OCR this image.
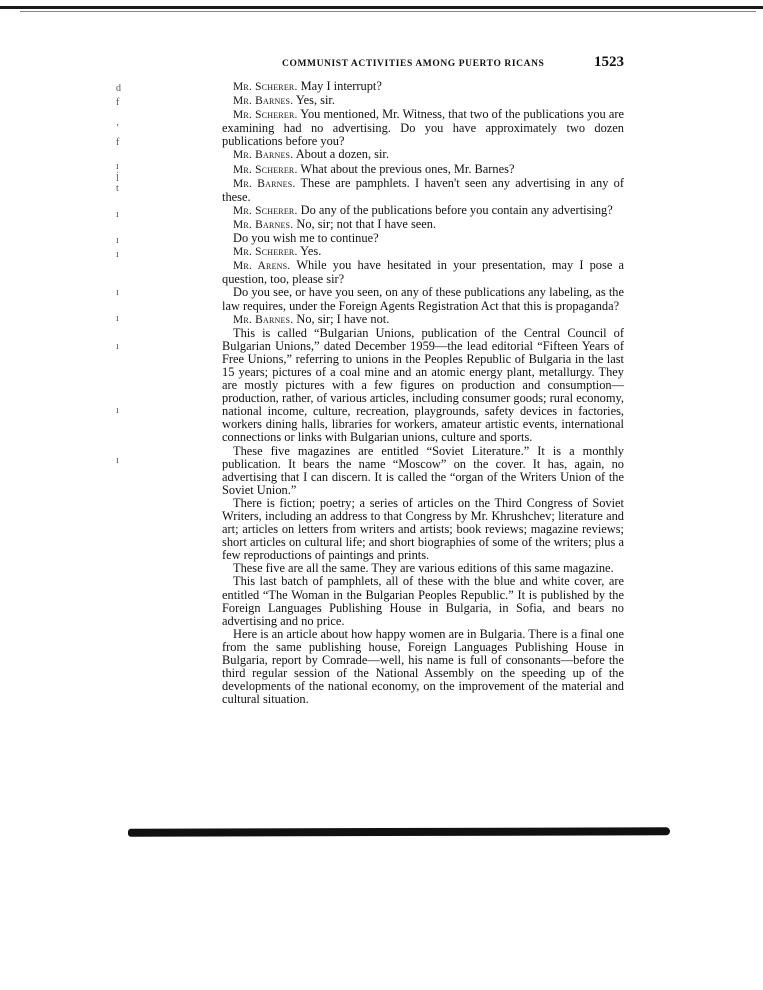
COMMUNIST ACTIVITIES AMONG PUERTO RICANS	1523
d
f
ʽ
f
ı
ĺ
t
ı
ı
ı
ı
ı
ı
ı
ı

Mr. Scherer. May I interrupt?

Mr. Barnes. Yes, sir.

Mr. Scherer. You mentioned, Mr. Witness, that two of the publications you are examining had no advertising. Do you have approximately two dozen publications before you?

Mr. Barnes. About a dozen, sir.

Mr. Scherer. What about the previous ones, Mr. Barnes?

Mr. Barnes. These are pamphlets. I haven't seen any advertising in any of these.

Mr. Scherer. Do any of the publications before you contain any advertising?

Mr. Barnes. No, sir; not that I have seen.

Do you wish me to continue?

Mr. Scherer. Yes.

Mr. Arens. While you have hesitated in your presentation, may I pose a question, too, please sir?

Do you see, or have you seen, on any of these publications any labeling, as the law requires, under the Foreign Agents Registration Act that this is propaganda?

Mr. Barnes. No, sir; I have not.

This is called “Bulgarian Unions, publication of the Central Council of Bulgarian Unions,” dated December 1959—the lead editorial “Fifteen Years of Free Unions,” referring to unions in the Peoples Republic of Bulgaria in the last 15 years; pictures of a coal mine and an atomic energy plant, metallurgy. They are mostly pictures with a few figures on production and consumption—production, rather, of various articles, including consumer goods; rural economy, national income, culture, recreation, playgrounds, safety devices in factories, workers dining halls, libraries for workers, amateur artistic events, international connections or links with Bulgarian unions, culture and sports.

These five magazines are entitled “Soviet Literature.” It is a monthly publication. It bears the name “Moscow” on the cover. It has, again, no advertising that I can discern. It is called the “organ of the Writers Union of the Soviet Union.”

There is fiction; poetry; a series of articles on the Third Congress of Soviet Writers, including an address to that Congress by Mr. Khrushchev; literature and art; articles on letters from writers and artists; book reviews; magazine reviews; short articles on cultural life; and short biographies of some of the writers; plus a few reproductions of paintings and prints.

These five are all the same. They are various editions of this same magazine.

This last batch of pamphlets, all of these with the blue and white cover, are entitled “The Woman in the Bulgarian Peoples Republic.” It is published by the Foreign Languages Publishing House in Bulgaria, in Sofia, and bears no advertising and no price.

Here is an article about how happy women are in Bulgaria. There is a final one from the same publishing house, Foreign Languages Publishing House in Bulgaria, report by Comrade—well, his name is full of consonants—before the third regular session of the National Assembly on the speeding up of the developments of the national economy, on the improvement of the material and cultural situation.
